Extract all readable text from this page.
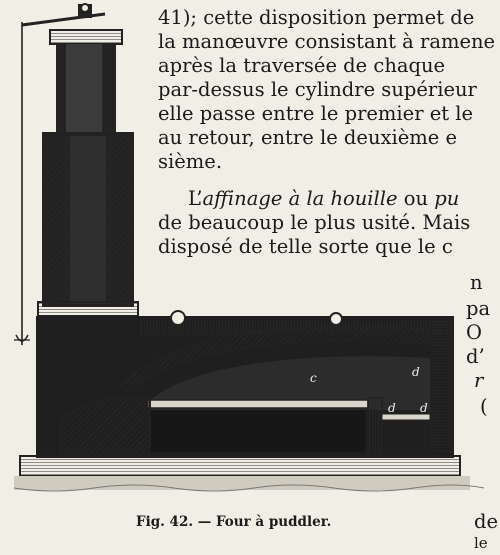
c	d
d d
a
41); cette disposition permet de
la manœuvre consistant à ramene
après la traversée de chaque
par-dessus le cylindre supérieur
elle passe entre le premier et le
au retour, entre le deuxième e
sième.
L’affinage à la houille ou pu
de beaucoup le plus usité. Mais
disposé de telle sorte que le c
n
pa
O
d’
r
(
Fig. 42. — Four à puddler.	de
le
